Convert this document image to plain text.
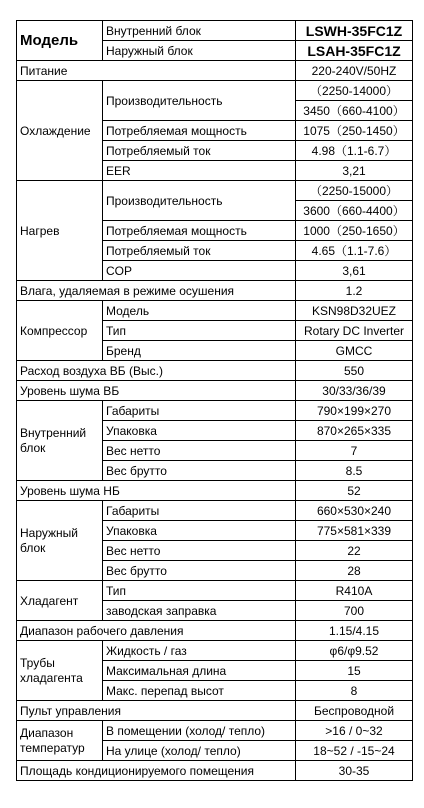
Модель	Внутренний блок	LSWH-35FC1Z
	Наружный блок	LSAH-35FC1Z
Питание		220-240V/50HZ
Охлаждение	Производительность	（2250-14000）
		3450（660-4100）
	Потребляемая мощность	1075（250-1450）
	Потребляемый ток	4.98（1.1-6.7）
	EER	3,21
Нагрев	Производительность	（2250-15000）
		3600（660-4400）
	Потребляемая мощность	1000（250-1650）
	Потребляемый ток	4.65（1.1-7.6）
	COP	3,61
Влага, удаляемая в режиме осушения		1.2
Компрессор	Модель	KSN98D32UEZ
	Тип	Rotary DC Inverter
	Бренд	GMCC
Расход воздуха ВБ (Выс.)		550
Уровень шума ВБ		30/33/36/39
Внутренний блок	Габариты	790×199×270
	Упаковка	870×265×335
	Вес нетто	7
	Вес брутто	8.5
Уровень шума НБ		52
Наружный блок	Габариты	660×530×240
	Упаковка	775×581×339
	Вес нетто	22
	Вес брутто	28
Хладагент	Тип	R410A
	заводская заправка	700
Диапазон рабочего давления		1.15/4.15
Трубы хладагента	Жидкость / газ	φ6/φ9.52
	Максимальная длина	15
	Макс. перепад высот	8
Пульт управления		Беспроводной
Диапазон температур	В помещении (холод/ тепло)	>16 / 0~32
	На улице (холод/ тепло)	18~52 / -15~24
Площадь кондиционируемого помещения		30-35
